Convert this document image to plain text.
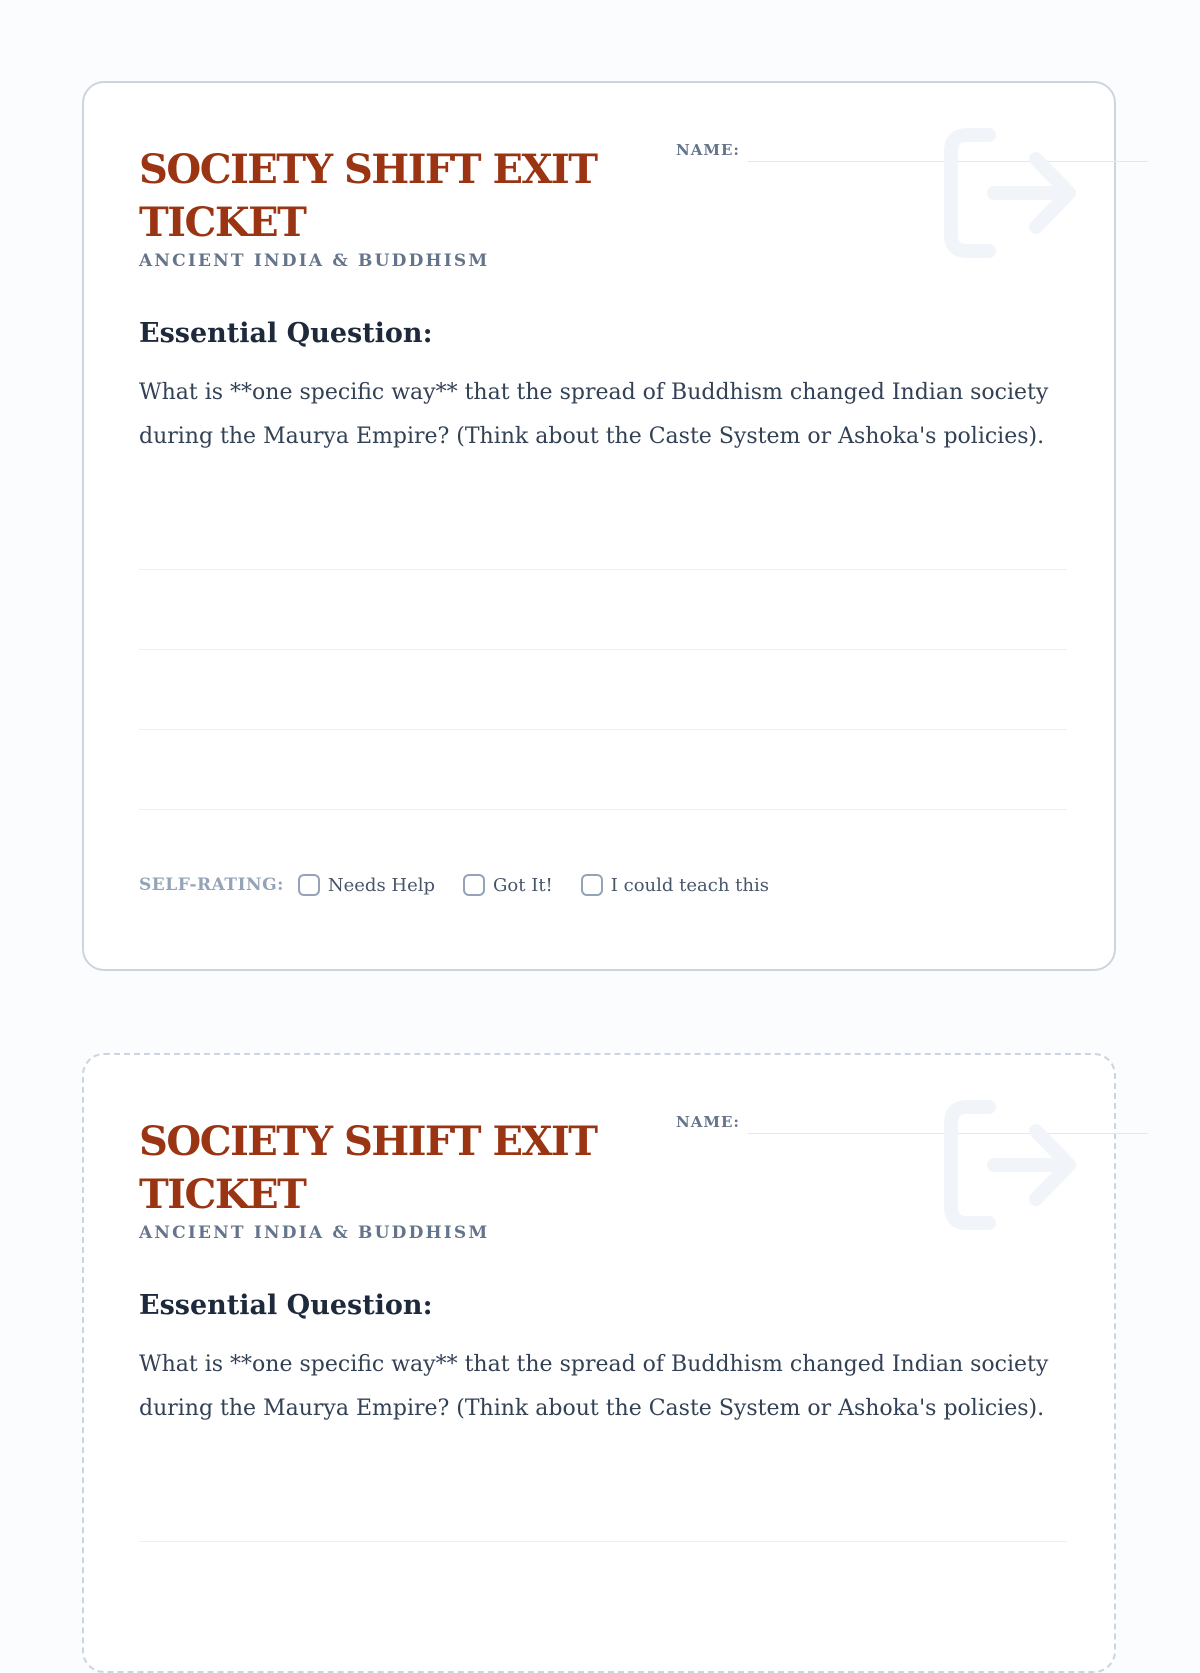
SOCIETY SHIFT EXIT TICKET
ANCIENT INDIA & BUDDHISM
NAME:
Essential Question:

What is **one specific way** that the spread of Buddhism changed Indian society during the Maurya Empire? (Think about the Caste System or Ashoka's policies).

SELF-RATING: Needs Help	Got It!	I could teach this
SOCIETY SHIFT EXIT TICKET
ANCIENT INDIA & BUDDHISM
NAME:
Essential Question:

What is **one specific way** that the spread of Buddhism changed Indian society during the Maurya Empire? (Think about the Caste System or Ashoka's policies).
